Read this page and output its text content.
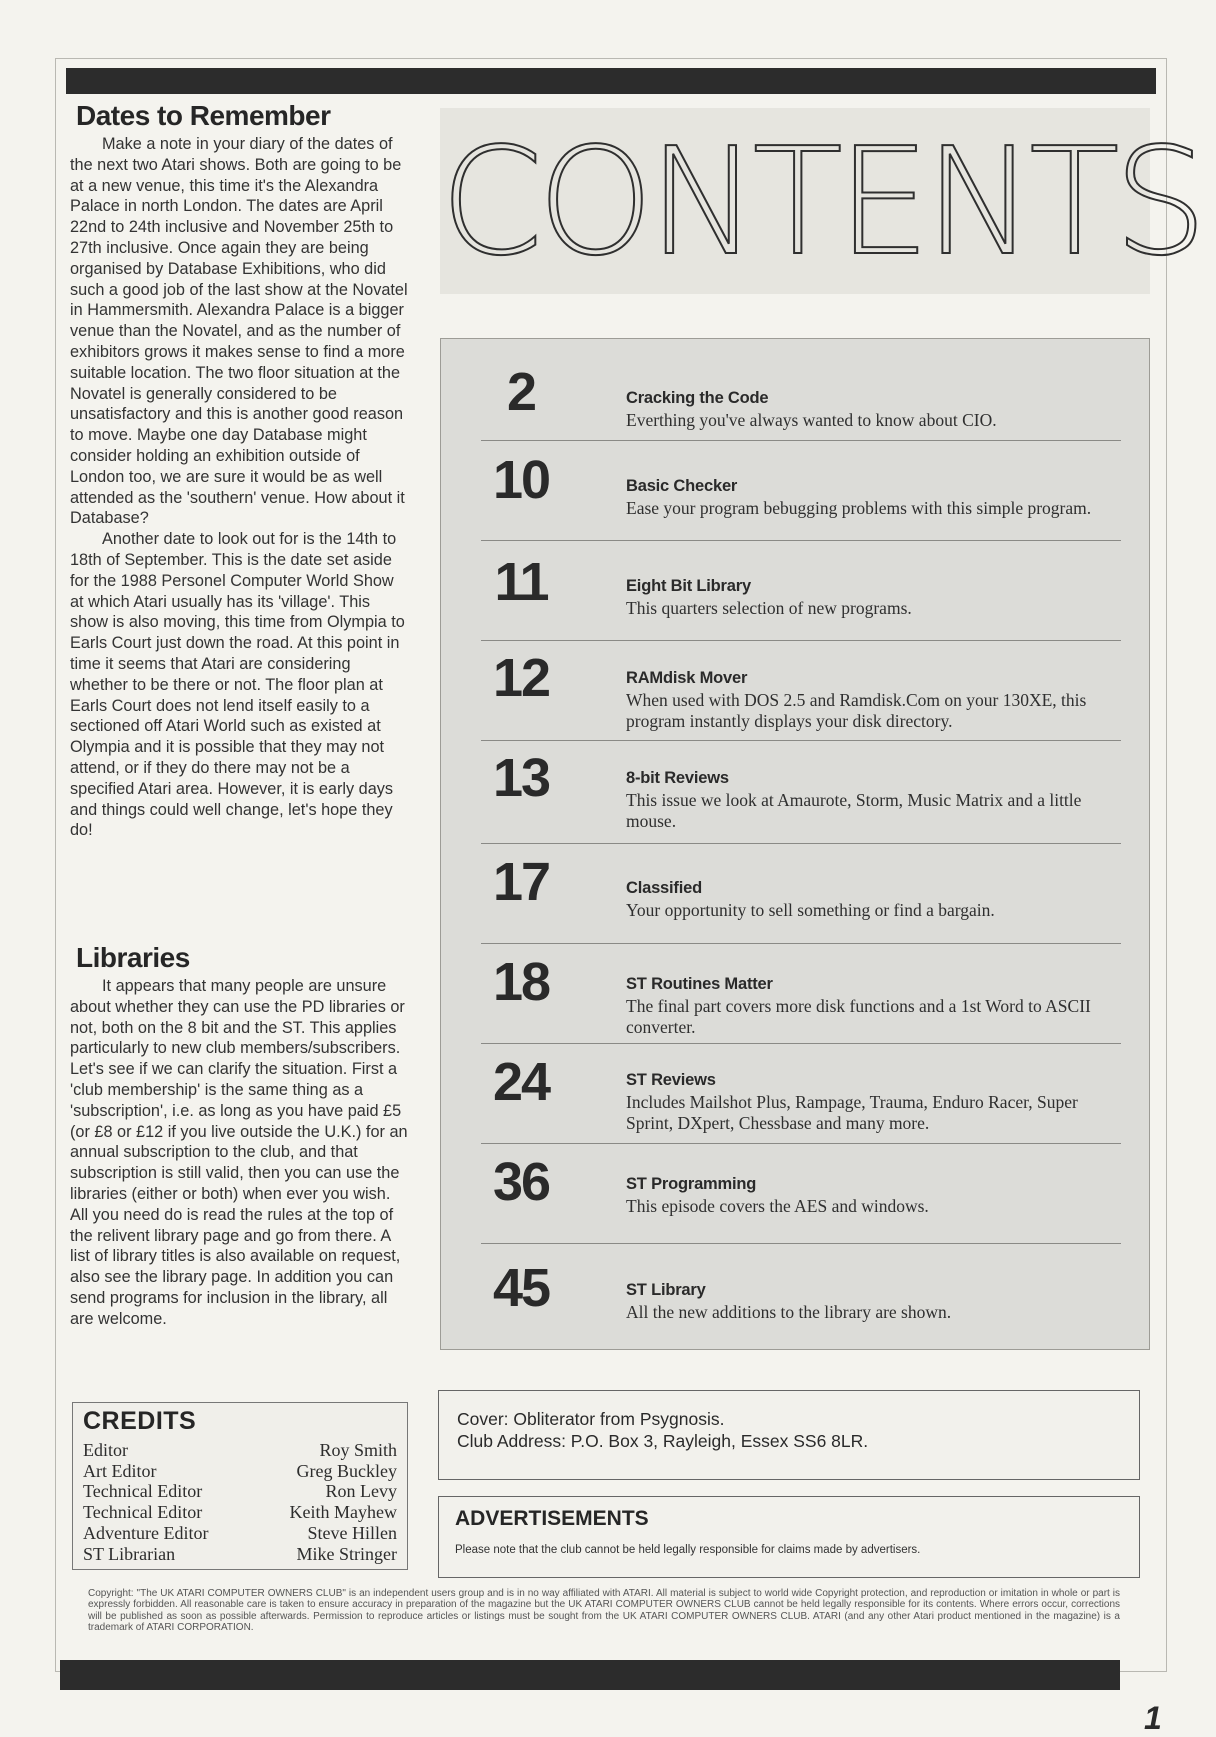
Dates to Remember

Make a note in your diary of the dates of the next two Atari shows. Both are going to be at a new venue, this time it's the Alexandra Palace in north London. The dates are April 22nd to 24th inclusive and November 25th to 27th inclusive. Once again they are being organised by Database Exhibitions, who did such a good job of the last show at the Novatel in Hammersmith. Alexandra Palace is a bigger venue than the Novatel, and as the number of exhibitors grows it makes sense to find a more suitable location. The two floor situation at the Novatel is generally considered to be unsatisfactory and this is another good reason to move. Maybe one day Database might consider holding an exhibition outside of London too, we are sure it would be as well attended as the 'southern' venue. How about it Database?

Another date to look out for is the 14th to 18th of September. This is the date set aside for the 1988 Personel Computer World Show at which Atari usually has its 'village'. This show is also moving, this time from Olympia to Earls Court just down the road. At this point in time it seems that Atari are considering whether to be there or not. The floor plan at Earls Court does not lend itself easily to a sectioned off Atari World such as existed at Olympia and it is possible that they may not attend, or if they do there may not be a specified Atari area. However, it is early days and things could well change, let's hope they do!

Libraries

It appears that many people are unsure about whether they can use the PD libraries or not, both on the 8 bit and the ST. This applies particularly to new club members/subscribers. Let's see if we can clarify the situation. First a 'club membership' is the same thing as a 'subscription', i.e. as long as you have paid £5 (or £8 or £12 if you live outside the U.K.) for an annual subscription to the club, and that subscription is still valid, then you can use the libraries (either or both) when ever you wish. All you need do is read the rules at the top of the relivent library page and go from there. A list of library titles is also available on request, also see the library page. In addition you can send programs for inclusion in the library, all are welcome.

CREDITS
Editor	Roy Smith
Art Editor	Greg Buckley
Technical Editor	Ron Levy
Technical Editor	Keith Mayhew
Adventure Editor	Steve Hillen
ST Librarian	Mike Stringer
CONTENTS
2	Cracking the Code
Everthing you've always wanted to know about CIO.
10	Basic Checker
Ease your program bebugging problems with this simple program.
11	Eight Bit Library
This quarters selection of new programs.
12	RAMdisk Mover
When used with DOS 2.5 and Ramdisk.Com on your 130XE, this program instantly displays your disk directory.
13	8-bit Reviews
This issue we look at Amaurote, Storm, Music Matrix and a little mouse.
17	Classified
Your opportunity to sell something or find a bargain.
18	ST Routines Matter
The final part covers more disk functions and a 1st Word to ASCII converter.
24	ST Reviews
Includes Mailshot Plus, Rampage, Trauma, Enduro Racer, Super Sprint, DXpert, Chessbase and many more.
36	ST Programming
This episode covers the AES and windows.
45	ST Library
All the new additions to the library are shown.
Cover: Obliterator from Psygnosis.
Club Address: P.O. Box 3, Rayleigh, Essex SS6 8LR.
ADVERTISEMENTS
Please note that the club cannot be held legally responsible for claims made by advertisers.
Copyright: "The UK ATARI COMPUTER OWNERS CLUB" is an independent users group and is in no way affiliated with ATARI. All material is subject to world wide Copyright protection, and reproduction or imitation in whole or part is expressly forbidden. All reasonable care is taken to ensure accuracy in preparation of the magazine but the UK ATARI COMPUTER OWNERS CLUB cannot be held legally responsible for its contents. Where errors occur, corrections will be published as soon as possible afterwards. Permission to reproduce articles or listings must be sought from the UK ATARI COMPUTER OWNERS CLUB. ATARI (and any other Atari product mentioned in the magazine) is a trademark of ATARI CORPORATION.
1
